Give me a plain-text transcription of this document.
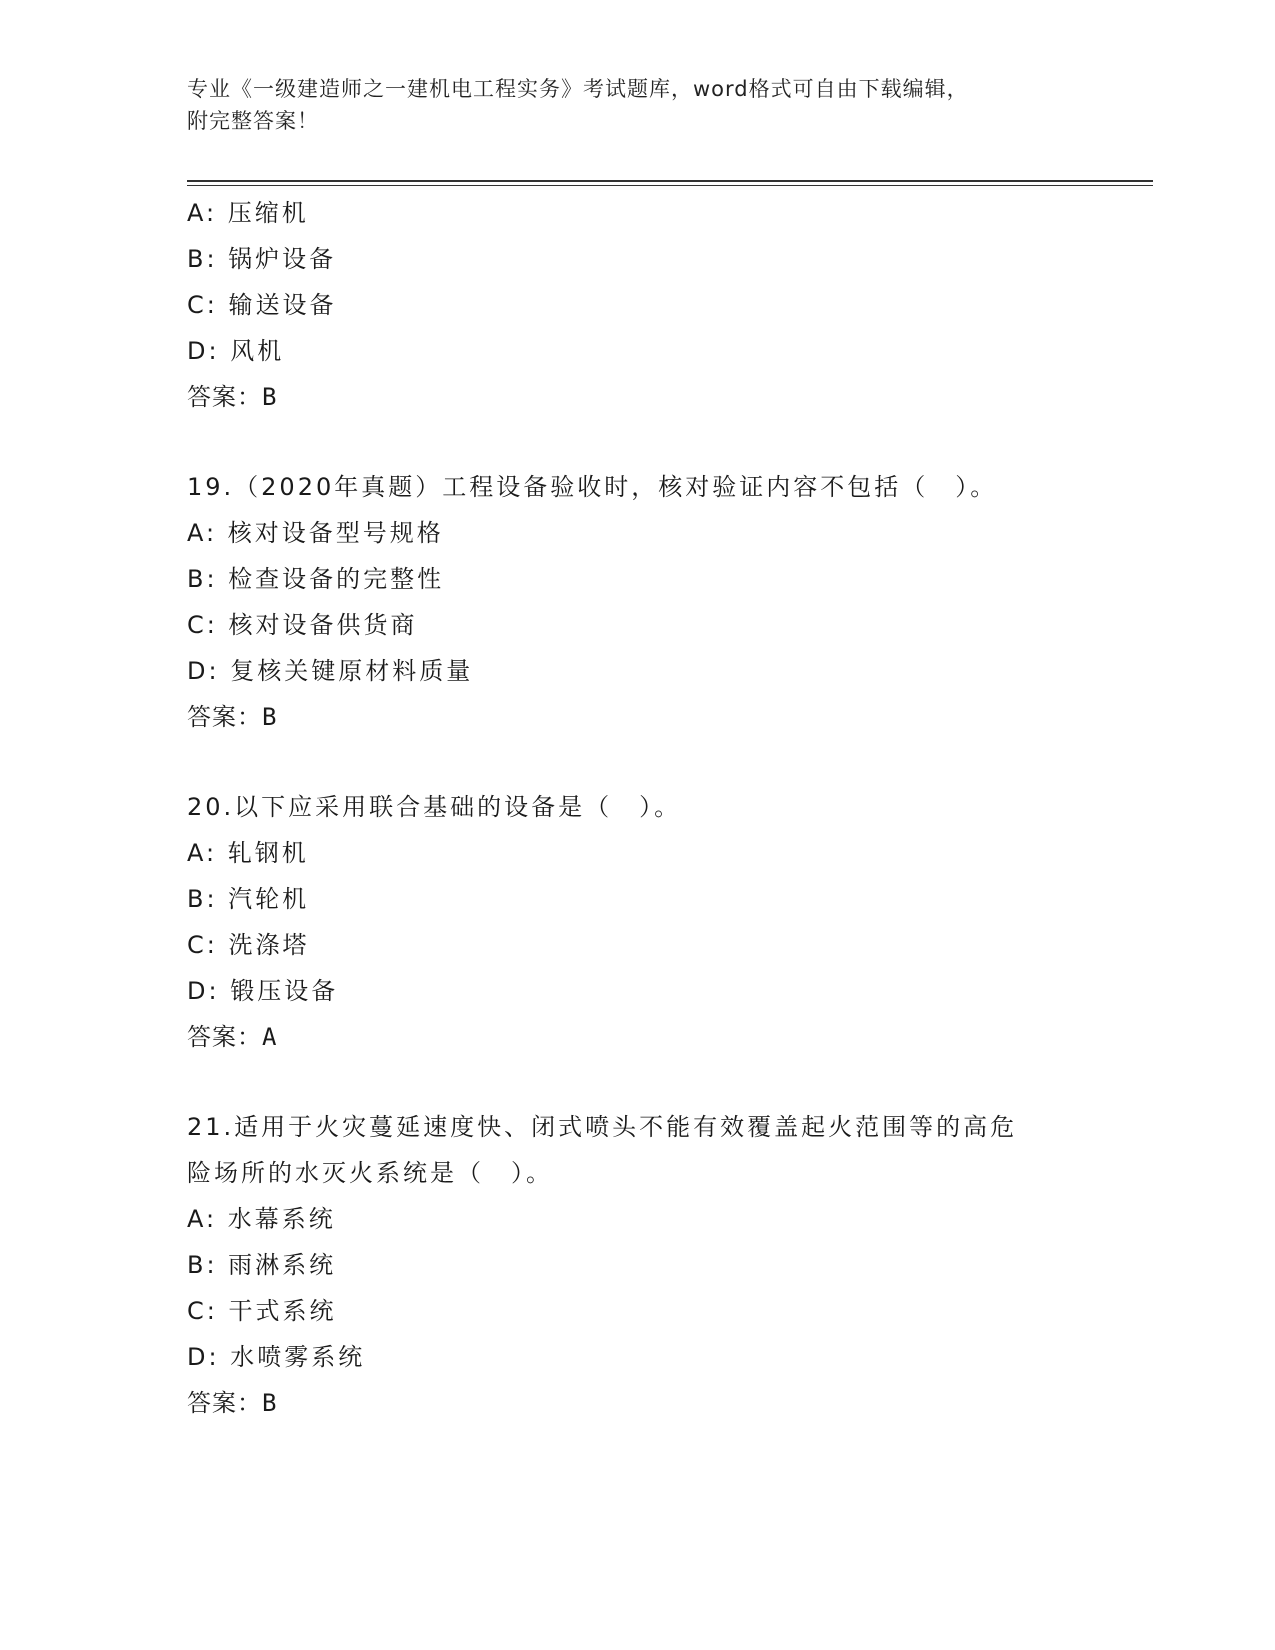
专业《一级建造师之一建机电工程实务》考试题库，word格式可自由下载编辑，
附完整答案！
A: 压缩机
B: 锅炉设备
C: 输送设备
D: 风机
答案：B
19.（2020年真题）工程设备验收时，核对验证内容不包括（　）。
A: 核对设备型号规格
B: 检查设备的完整性
C: 核对设备供货商
D: 复核关键原材料质量
答案：B
20.以下应采用联合基础的设备是（　）。
A: 轧钢机
B: 汽轮机
C: 洗涤塔
D: 锻压设备
答案：A
21.适用于火灾蔓延速度快、闭式喷头不能有效覆盖起火范围等的高危
险场所的水灭火系统是（　）。
A: 水幕系统
B: 雨淋系统
C: 干式系统
D: 水喷雾系统
答案：B
